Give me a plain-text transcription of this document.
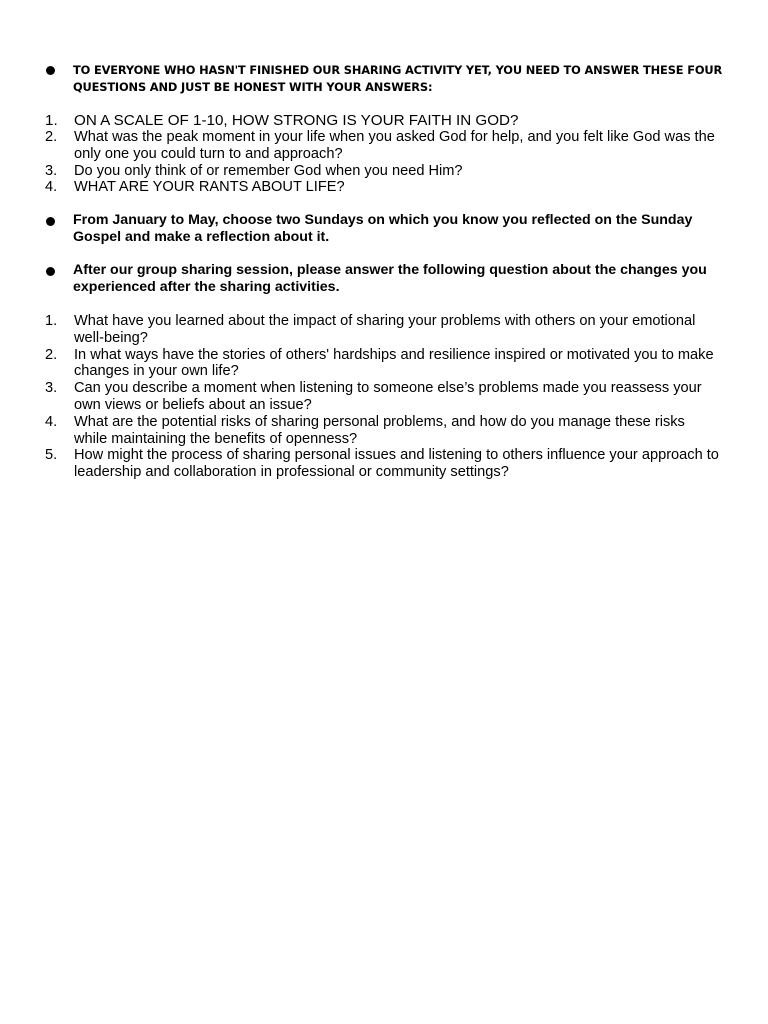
TO EVERYONE WHO HASN'T FINISHED OUR SHARING ACTIVITY YET, YOU NEED TO ANSWER THESE FOUR QUESTIONS AND JUST BE HONEST WITH YOUR ANSWERS:
1. ON A SCALE OF 1-10, HOW STRONG IS YOUR FAITH IN GOD?
2. What was the peak moment in your life when you asked God for help, and you felt like God was the only one you could turn to and approach?
3. Do you only think of or remember God when you need Him?
4. WHAT ARE YOUR RANTS ABOUT LIFE?
From January to May, choose two Sundays on which you know you reflected on the Sunday Gospel and make a reflection about it.
After our group sharing session, please answer the following question about the changes you experienced after the sharing activities.
1. What have you learned about the impact of sharing your problems with others on your emotional well-being?
2. In what ways have the stories of others' hardships and resilience inspired or motivated you to make changes in your own life?
3. Can you describe a moment when listening to someone else’s problems made you reassess your own views or beliefs about an issue?
4. What are the potential risks of sharing personal problems, and how do you manage these risks while maintaining the benefits of openness?
5. How might the process of sharing personal issues and listening to others influence your approach to leadership and collaboration in professional or community settings?
